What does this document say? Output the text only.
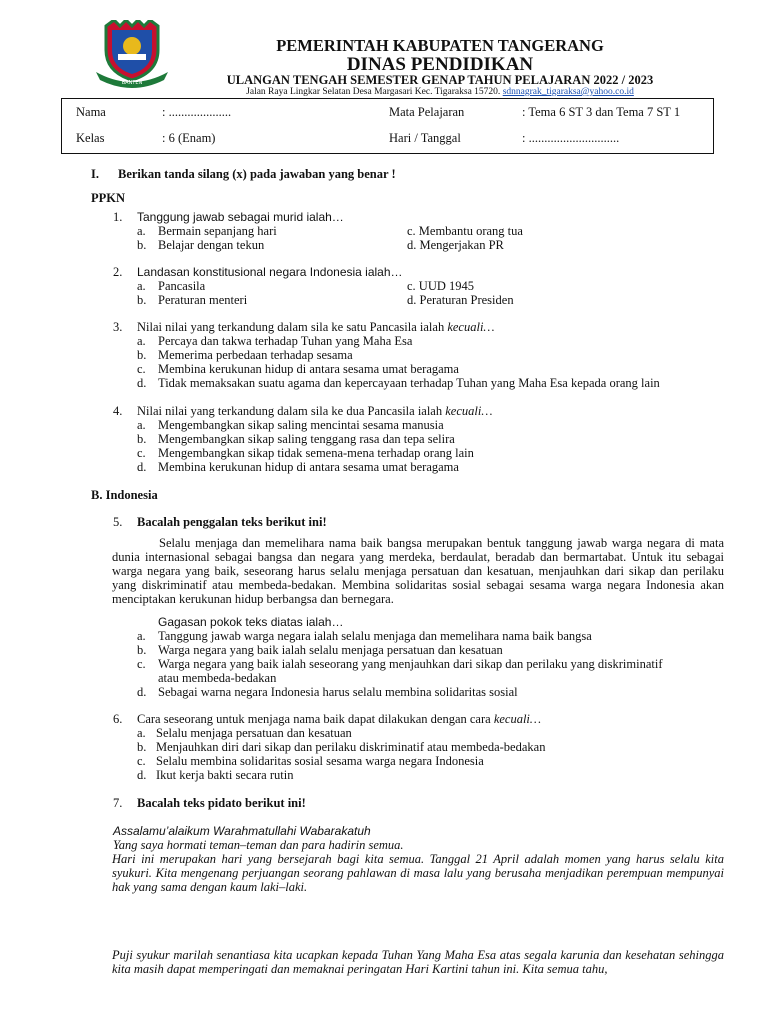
BANTEN
PEMERINTAH KABUPATEN TANGERANG
DINAS PENDIDIKAN
ULANGAN TENGAH SEMESTER GENAP TAHUN PELAJARAN 2022 / 2023
Jalan Raya Lingkar Selatan Desa Margasari Kec. Tigaraksa 15720. sdnnagrak_tigaraksa@yahoo.co.id
Nama	: ....................	Mata Pelajaran	: Tema 6 ST 3 dan Tema 7 ST 1
Kelas	: 6 (Enam)	Hari / Tanggal	: .............................
I. Berikan tanda silang (x) pada jawaban yang benar !
PPKN
1. Tanggung jawab sebagai murid ialah…
a. Bermain sepanjang hari	c. Membantu orang tua
b. Belajar dengan tekun	d. Mengerjakan PR
2. Landasan konstitusional negara Indonesia ialah…
a. Pancasila	c. UUD 1945
b. Peraturan menteri	d. Peraturan Presiden
3. Nilai nilai yang terkandung dalam sila ke satu Pancasila ialah kecuali…
a. Percaya dan takwa terhadap Tuhan yang Maha Esa
b. Memerima perbedaan terhadap sesama
c. Membina kerukunan hidup di antara sesama umat beragama
d. Tidak memaksakan suatu agama dan kepercayaan terhadap Tuhan yang Maha Esa kepada orang lain
4. Nilai nilai yang terkandung dalam sila ke dua Pancasila ialah kecuali…
a. Mengembangkan sikap saling mencintai sesama manusia
b. Mengembangkan sikap saling tenggang rasa dan tepa selira
c. Mengembangkan sikap tidak semena-mena terhadap orang lain
d. Membina kerukunan hidup di antara sesama umat beragama
B. Indonesia
5. Bacalah penggalan teks berikut ini!
Selalu menjaga dan memelihara nama baik bangsa merupakan bentuk tanggung jawab warga negara di mata dunia internasional sebagai bangsa dan negara yang merdeka, berdaulat, beradab dan bermartabat. Untuk itu sebagai warga negara yang baik, seseorang harus selalu menjaga persatuan dan kesatuan, menjauhkan dari sikap dan perilaku yang diskriminatif atau membeda-bedakan. Membina solidaritas sosial sebagai sesama warga negara Indonesia akan menciptakan kerukunan hidup berbangsa dan bernegara.
Gagasan pokok teks diatas ialah…
a. Tanggung jawab warga negara ialah selalu menjaga dan memelihara nama baik bangsa
b. Warga negara yang baik ialah selalu menjaga persatuan dan kesatuan
c. Warga negara yang baik ialah seseorang yang menjauhkan dari sikap dan perilaku yang diskriminatif
atau membeda-bedakan
d. Sebagai warna negara Indonesia harus selalu membina solidaritas sosial
6. Cara seseorang untuk menjaga nama baik dapat dilakukan dengan cara kecuali…
a. Selalu menjaga persatuan dan kesatuan
b. Menjauhkan diri dari sikap dan perilaku diskriminatif atau membeda-bedakan
c. Selalu membina solidaritas sosial sesama warga negara Indonesia
d. Ikut kerja bakti secara rutin
7. Bacalah teks pidato berikut ini!
Assalamu’alaikum Warahmatullahi Wabarakatuh
Yang saya hormati teman–teman dan para hadirin semua.
Hari ini merupakan hari yang bersejarah bagi kita semua. Tanggal 21 April adalah momen yang harus selalu kita syukuri. Kita mengenang perjuangan seorang pahlawan di masa lalu yang berusaha menjadikan perempuan mempunyai hak yang sama dengan kaum laki–laki.
Puji syukur marilah senantiasa kita ucapkan kepada Tuhan Yang Maha Esa atas segala karunia dan kesehatan sehingga kita masih dapat memperingati dan memaknai peringatan Hari Kartini tahun ini. Kita semua tahu,
